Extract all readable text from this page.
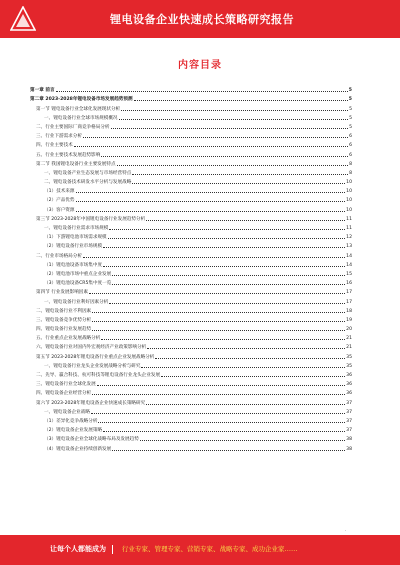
锂电设备企业快速成长策略研究报告
内容目录
第一章 前言	5
第二章 2023-2028年锂电设备市场发展趋势预测	5
第一节 锂电设备行业全球化发展现状分析	5
一、锂电设备行业全球市场规模概况	5
二、行业主要国际厂商竞争格局分析	5
三、行业下游需求分析	6
四、行业主要技术	6
五、行业主要技术发展趋势影响	6
第二节 我国锂电设备行业主要发展特点	8
一、锂电设备产业生态发展与市场经营特点	8
二、锂电设备技术研发水平分析与发展战略	10
（1）技术来源	10
（2）产品优势	10
（3）客户资源	10
第三节 2023-2028年中国锂电设备行业发展趋势分析	11
一、锂电设备行业需求市场规模	11
（1）下游锂电池市场需求规模	12
（2）锂电设备行业市场规模	13
二、行业市场格局分析	14
（1）锂电池设备市场集中度	14
（2）锂电池市场中重点企业发展	15
（3）锂电池设备CR5集中度一览	16
第四节 行业发展影响因素	17
一、锂电设备行业利好因素分析	17
二、锂电设备行业不利因素	18
三、锂电设备竞争优势分析	19
四、锂电设备行业发展趋势	20
五、行业重点企业发展战略分析	21
六、锂电设备行业对国内外宏观经济产业政策影响分析	21
第五节 2023-2028年锂电设备行业重点企业发展战略分析	35
一、锂电设备行业龙头企业发展战略分析与研究	35
二、先导、赢合科技、杭可科技等锂电设备行业龙头企业发展	36
三、锂电设备行业全球化发展	36
四、锂电设备企业经营分析	36
第六节 2023-2028年锂电设备企业快速成长策略研究	37
一、锂电设备企业战略	37
（1）差异化竞争战略分析	37
（2）锂电设备企业发展策略	37
（3）锂电设备企业全球化战略布局及发展趋势	38
（4）锂电设备企业持续创新发展	38
·
让每个人都能成为 行业专家、管理专家、营销专家、战略专家、成功企业家……
